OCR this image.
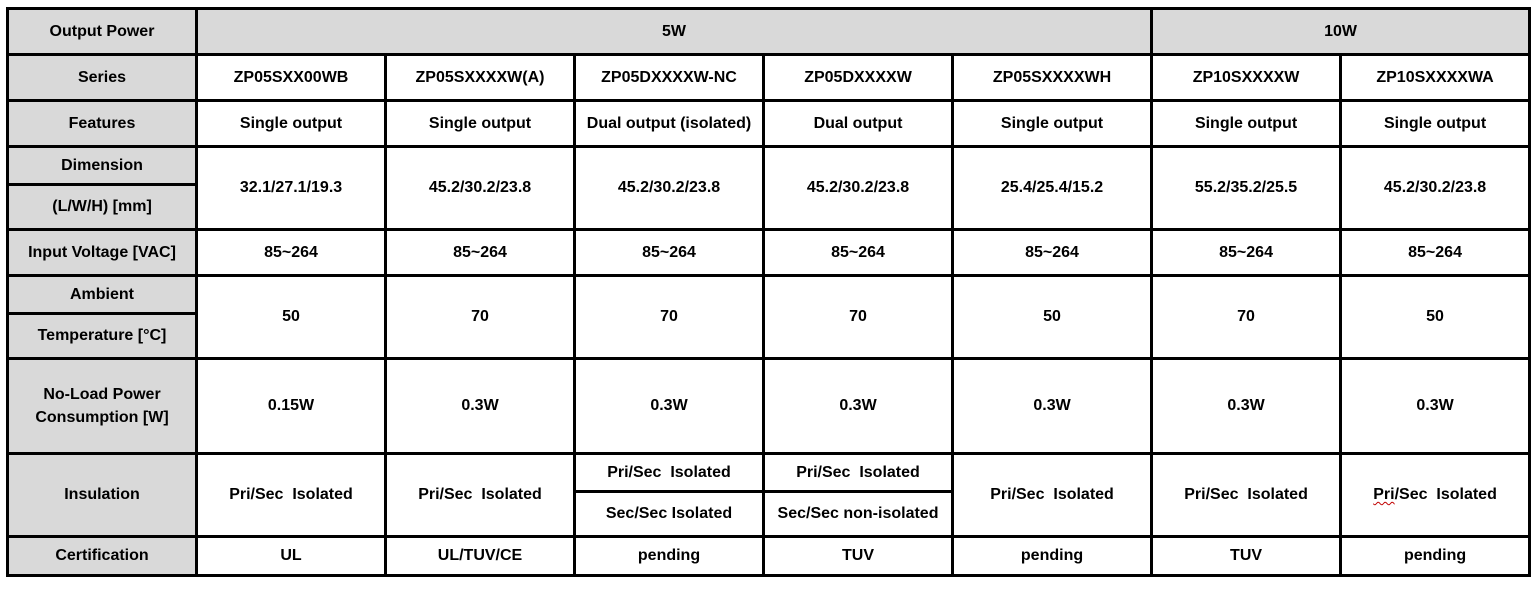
Output Power	5W					10W	
Series	ZP05SXX00WB	ZP05SXXXXW(A)	ZP05DXXXXW-NC	ZP05DXXXXW	ZP05SXXXXWH	ZP10SXXXXW	ZP10SXXXXWA
Features	Single output	Single output	Dual output (isolated)	Dual output	Single output	Single output	Single output
Dimension	32.1/27.1/19.3	45.2/30.2/23.8	45.2/30.2/23.8	45.2/30.2/23.8	25.4/25.4/15.2	55.2/35.2/25.5	45.2/30.2/23.8
(L/W/H) [mm]							
Input Voltage [VAC]	85~264	85~264	85~264	85~264	85~264	85~264	85~264
Ambient	50	70	70	70	50	70	50
Temperature [°C]							

No-Load Power
Consumption [W]	0.15W	0.3W	0.3W	0.3W	0.3W	0.3W	0.3W
Insulation	Pri/Sec  Isolated	Pri/Sec  Isolated	Pri/Sec  Isolated	Pri/Sec  Isolated	Pri/Sec  Isolated	Pri/Sec  Isolated	Pri/Sec  Isolated
			Sec/Sec Isolated	Sec/Sec non-isolated			
Certification	UL	UL/TUV/CE	pending	TUV	pending	TUV	pending
